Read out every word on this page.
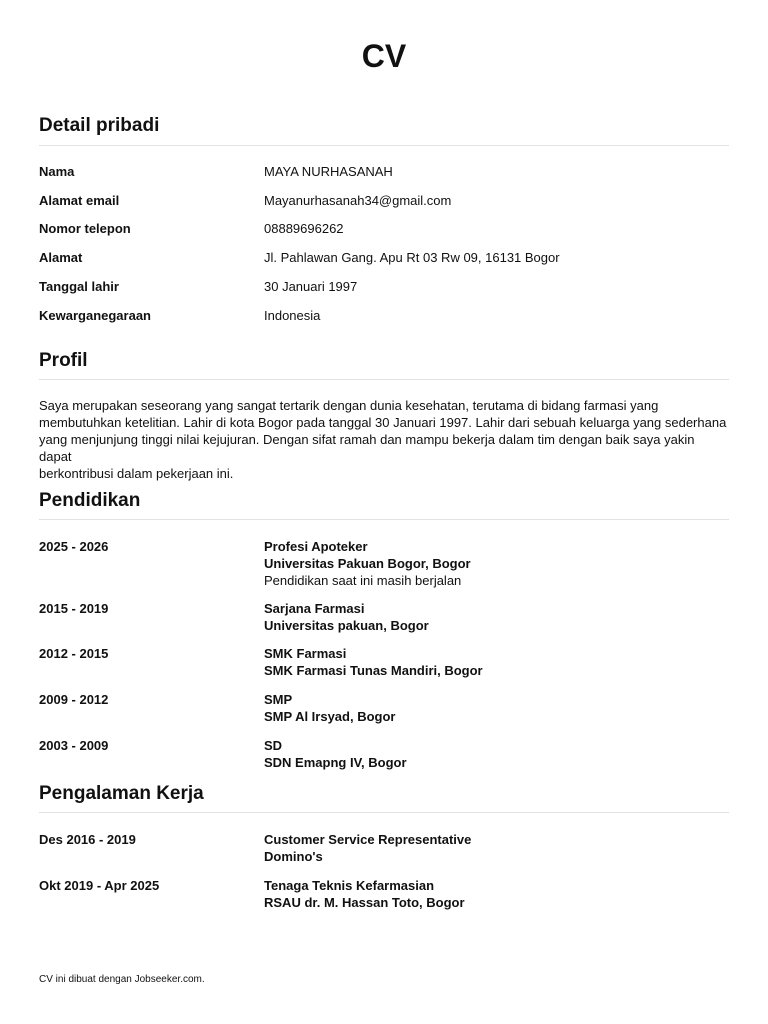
CV
Detail pribadi
Nama	MAYA NURHASANAH
Alamat email	Mayanurhasanah34@gmail.com
Nomor telepon	08889696262
Alamat	Jl. Pahlawan Gang. Apu Rt 03 Rw 09, 16131 Bogor
Tanggal lahir	30 Januari 1997
Kewarganegaraan	Indonesia
Profil
Saya merupakan seseorang yang sangat tertarik dengan dunia kesehatan, terutama di bidang farmasi yang
membutuhkan ketelitian. Lahir di kota Bogor pada tanggal 30 Januari 1997. Lahir dari sebuah keluarga yang sederhana
yang menjunjung tinggi nilai kejujuran. Dengan sifat ramah dan mampu bekerja dalam tim dengan baik saya yakin dapat
berkontribusi dalam pekerjaan ini.
Pendidikan
2025 - 2026	Profesi Apoteker
Universitas Pakuan Bogor, Bogor
Pendidikan saat ini masih berjalan
2015 - 2019	Sarjana Farmasi
Universitas pakuan, Bogor
2012 - 2015	SMK Farmasi
SMK Farmasi Tunas Mandiri, Bogor
2009 - 2012	SMP
SMP Al Irsyad, Bogor
2003 - 2009	SD
SDN Emapng IV, Bogor
Pengalaman Kerja
Des 2016 - 2019	Customer Service Representative
Domino's
Okt 2019 - Apr 2025	Tenaga Teknis Kefarmasian
RSAU dr. M. Hassan Toto, Bogor
CV ini dibuat dengan Jobseeker.com.
